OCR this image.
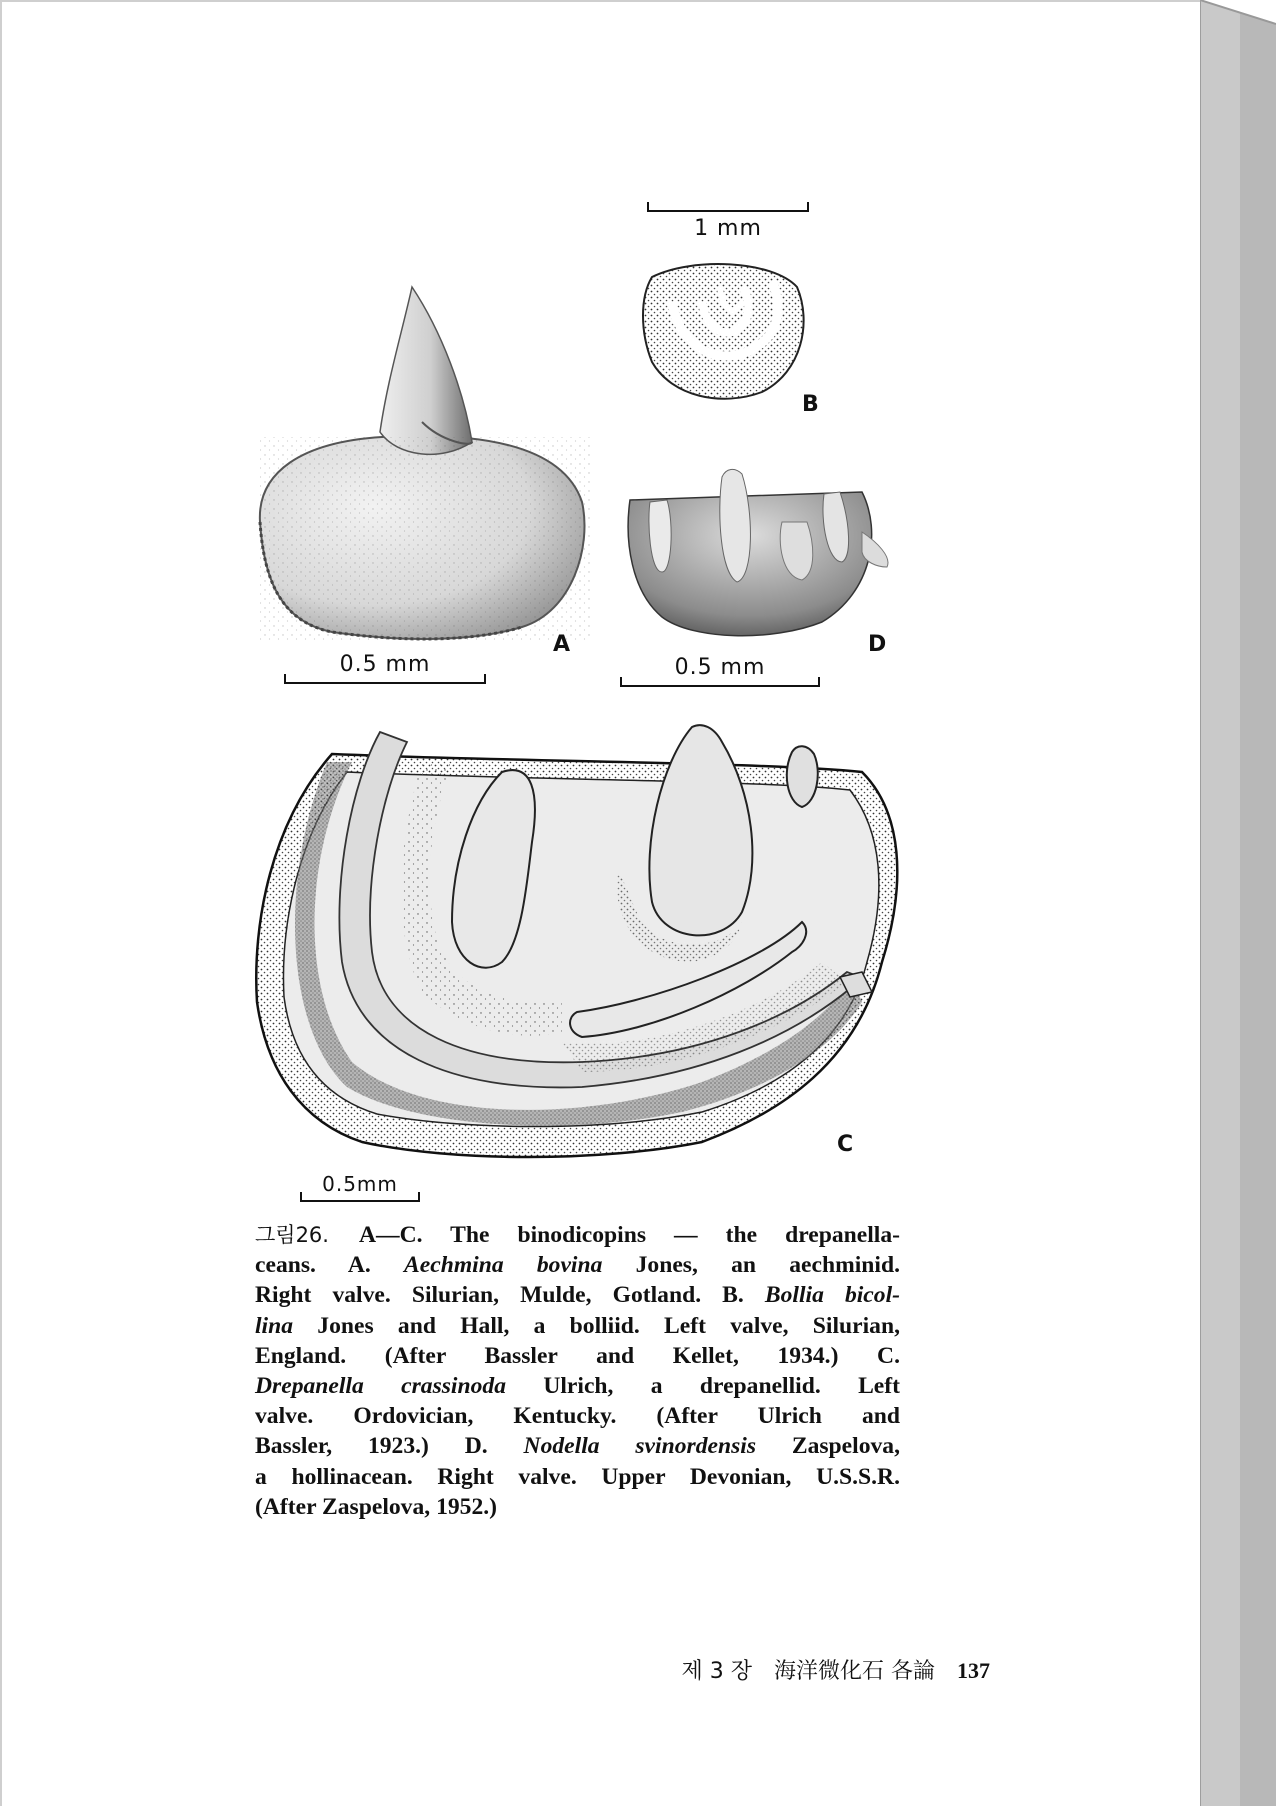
B
A	D
C
1 mm
0.5 mm	0.5 mm
0.5mm
그림26. A—C. The binodicopins — the drepanella-
ceans. A. Aechmina bovina Jones, an aechminid.
Right valve. Silurian, Mulde, Gotland. B. Bollia bicol-
lina Jones and Hall, a bolliid. Left valve, Silurian,
England. (After Bassler and Kellet, 1934.) C.
Drepanella crassinoda Ulrich, a drepanellid. Left
valve. Ordovician, Kentucky. (After Ulrich and
Bassler, 1923.) D. Nodella svinordensis Zaspelova,
a hollinacean. Right valve. Upper Devonian, U.S.S.R.
(After Zaspelova, 1952.)
제 3 장 海洋微化石 各論 137
